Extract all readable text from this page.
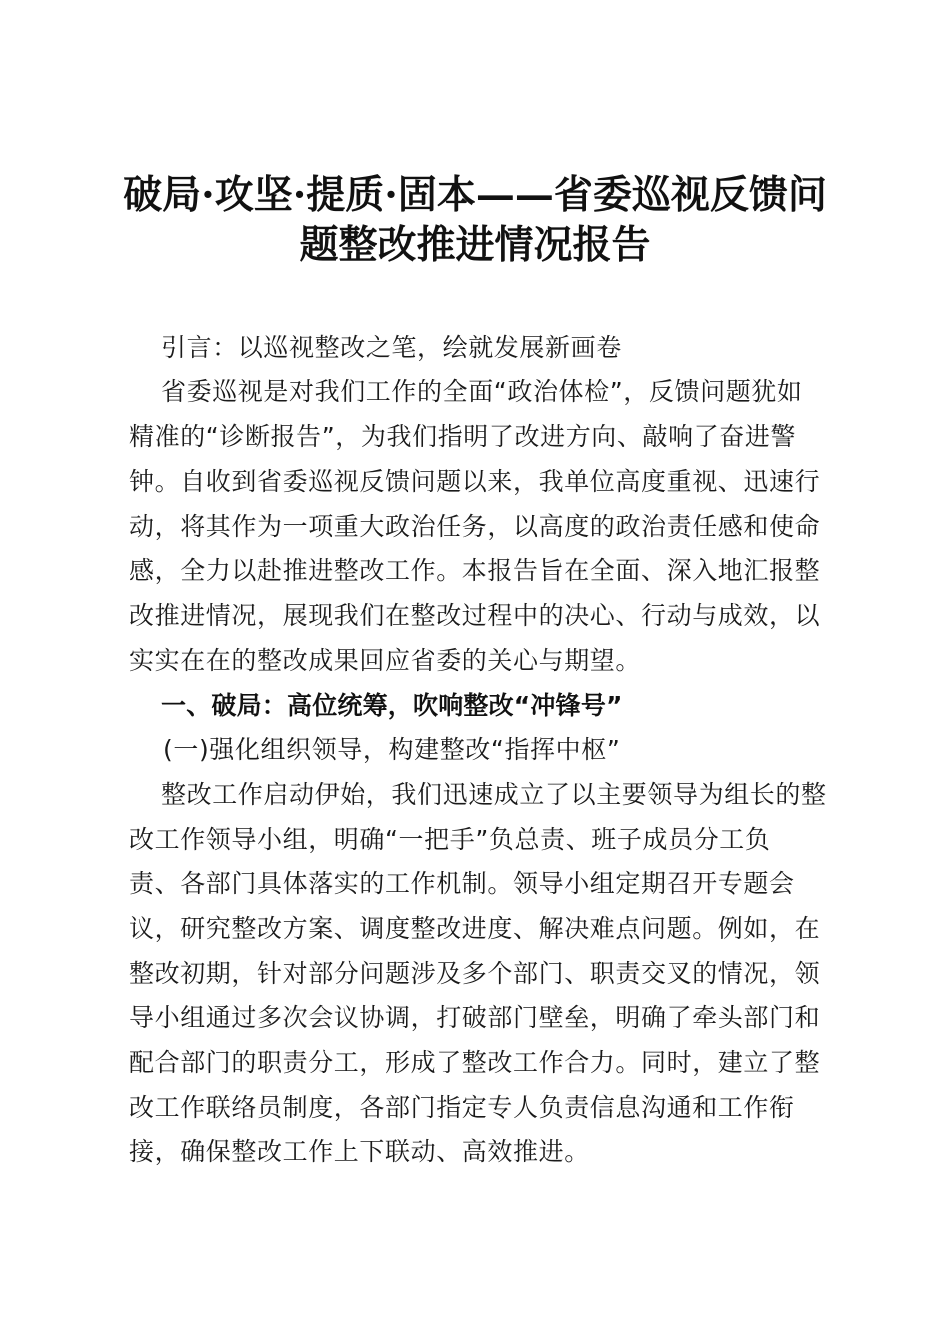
破局·攻坚·提质·固本——省委巡视反馈问
题整改推进情况报告
引言：以巡视整改之笔，绘就发展新画卷
省委巡视是对我们工作的全面“政治体检”，反馈问题犹如
精准的“诊断报告”，为我们指明了改进方向、敲响了奋进警
钟。自收到省委巡视反馈问题以来，我单位高度重视、迅速行
动，将其作为一项重大政治任务，以高度的政治责任感和使命
感，全力以赴推进整改工作。本报告旨在全面、深入地汇报整
改推进情况，展现我们在整改过程中的决心、行动与成效，以
实实在在的整改成果回应省委的关心与期望。
一、破局：高位统筹，吹响整改“冲锋号”
(一)强化组织领导，构建整改“指挥中枢”
整改工作启动伊始，我们迅速成立了以主要领导为组长的整
改工作领导小组，明确“一把手”负总责、班子成员分工负
责、各部门具体落实的工作机制。领导小组定期召开专题会
议，研究整改方案、调度整改进度、解决难点问题。例如，在
整改初期，针对部分问题涉及多个部门、职责交叉的情况，领
导小组通过多次会议协调，打破部门壁垒，明确了牵头部门和
配合部门的职责分工，形成了整改工作合力。同时，建立了整
改工作联络员制度，各部门指定专人负责信息沟通和工作衔
接，确保整改工作上下联动、高效推进。
